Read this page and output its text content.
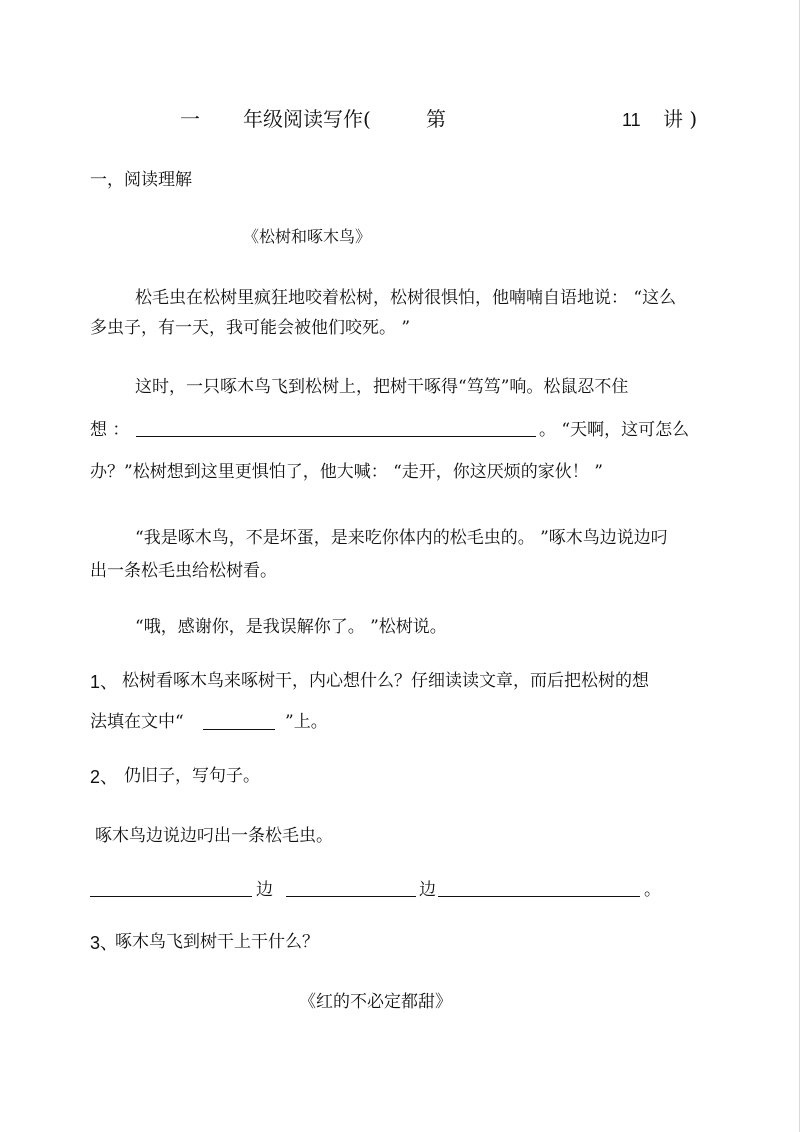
一 年级阅读写作(	第	11 讲 )
一，阅读理解
《松树和啄木鸟》
松毛虫在松树里疯狂地咬着松树，松树很惧怕，他喃喃自语地说： “这么
多虫子，有一天，我可能会被他们咬死。 ”
这时，一只啄木鸟飞到松树上，把树干啄得“笃笃”响。松鼠忍不住
想 ：	。 “天啊，这可怎么
办？”松树想到这里更惧怕了，他大喊： “走开，你这厌烦的家伙！ ”
“我是啄木鸟，不是坏蛋，是来吃你体内的松毛虫的。 ”啄木鸟边说边叼
出一条松毛虫给松树看。
“哦，感谢你，是我误解你了。 ”松树说。
1、 松树看啄木鸟来啄树干，内心想什么？仔细读读文章，而后把松树的想
法填在文中“	”上。
2、 仍旧子，写句子。
啄木鸟边说边叼出一条松毛虫。
边	边	。
3、
啄木鸟飞到树干上干什么？
《红的不必定都甜》
